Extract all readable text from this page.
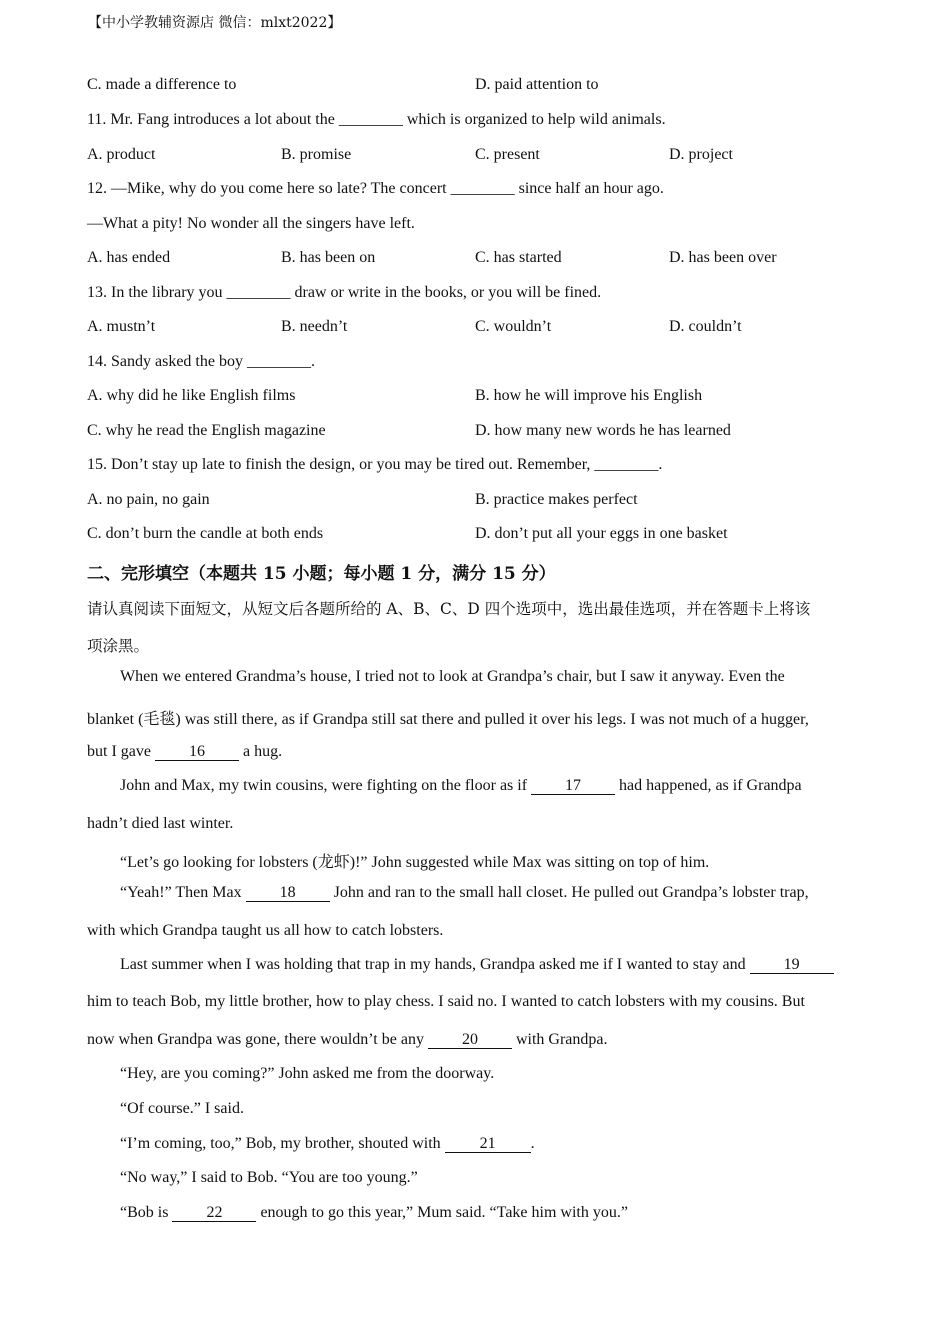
【中小学教辅资源店 微信：mlxt2022】
C. made a difference to	D. paid attention to
11. Mr. Fang introduces a lot about the ________ which is organized to help wild animals.
A. product	B. promise	C. present	D. project
12. —Mike, why do you come here so late? The concert ________ since half an hour ago.
—What a pity! No wonder all the singers have left.
A. has ended	B. has been on	C. has started	D. has been over
13. In the library you ________ draw or write in the books, or you will be fined.
A. mustn’t	B. needn’t	C. wouldn’t	D. couldn’t
14. Sandy asked the boy ________.
A. why did he like English films	B. how he will improve his English
C. why he read the English magazine	D. how many new words he has learned
15. Don’t stay up late to finish the design, or you may be tired out. Remember, ________.
A. no pain, no gain	B. practice makes perfect
C. don’t burn the candle at both ends	D. don’t put all your eggs in one basket
二、完形填空（本题共 15 小题；每小题 1 分，满分 15 分）
请认真阅读下面短文，从短文后各题所给的 A、B、C、D 四个选项中，选出最佳选项，并在答题卡上将该
项涂黑。
When we entered Grandma’s house, I tried not to look at Grandpa’s chair, but I saw it anyway. Even the
blanket (毛毯) was still there, as if Grandpa still sat there and pulled it over his legs. I was not much of a hugger,
but I gave 16 a hug.
John and Max, my twin cousins, were fighting on the floor as if 17 had happened, as if Grandpa
hadn’t died last winter.
“Let’s go looking for lobsters (龙虾)!” John suggested while Max was sitting on top of him.
“Yeah!” Then Max 18 John and ran to the small hall closet. He pulled out Grandpa’s lobster trap,
with which Grandpa taught us all how to catch lobsters.
Last summer when I was holding that trap in my hands, Grandpa asked me if I wanted to stay and 19
him to teach Bob, my little brother, how to play chess. I said no. I wanted to catch lobsters with my cousins. But
now when Grandpa was gone, there wouldn’t be any 20 with Grandpa.
“Hey, are you coming?” John asked me from the doorway.
“Of course.” I said.
“I’m coming, too,” Bob, my brother, shouted with 21 .
“No way,” I said to Bob. “You are too young.”
“Bob is 22 enough to go this year,” Mum said. “Take him with you.”
